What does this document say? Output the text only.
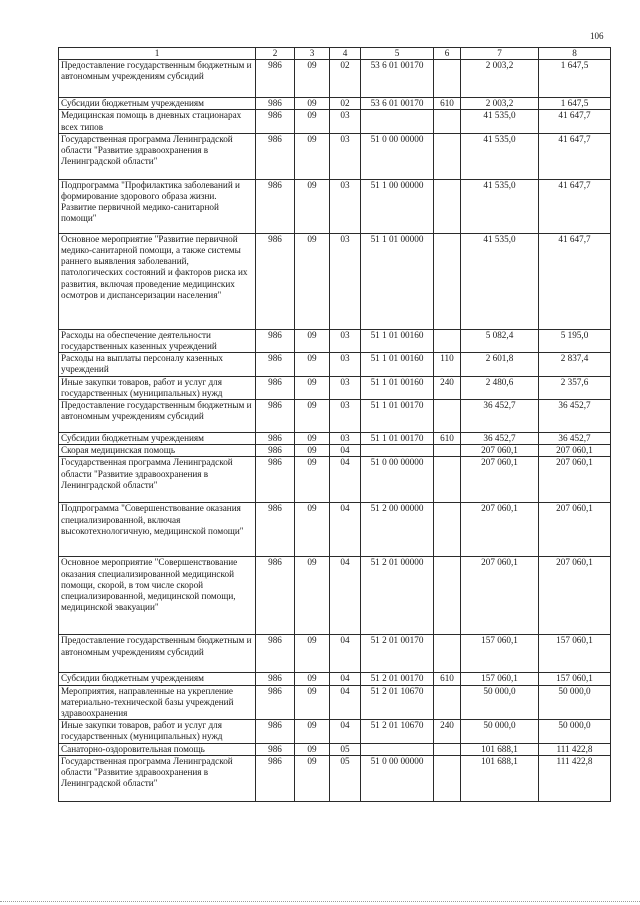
106
1	2	3	4	5	6	7	8
Предоставление государственным бюджетным и автономным учреждениям субсидий	986	09	02	53 6 01 00170		2 003,2	1 647,5
Субсидии бюджетным учреждениям	986	09	02	53 6 01 00170	610	2 003,2	1 647,5
Медицинская помощь в дневных стационарах всех типов	986	09	03			41 535,0	41 647,7
Государственная программа Ленинградской области "Развитие здравоохранения в Ленинградской области"	986	09	03	51 0 00 00000		41 535,0	41 647,7
Подпрограмма "Профилактика заболеваний и формирование здорового образа жизни. Развитие первичной медико-санитарной помощи"	986	09	03	51 1 00 00000		41 535,0	41 647,7
Основное мероприятие "Развитие первичной медико-санитарной помощи, а также системы раннего выявления заболеваний, патологических состояний и факторов риска их развития, включая проведение медицинских осмотров и диспансеризации населения"	986	09	03	51 1 01 00000		41 535,0	41 647,7
Расходы на обеспечение деятельности государственных казенных учреждений	986	09	03	51 1 01 00160		5 082,4	5 195,0
Расходы на выплаты персоналу казенных учреждений	986	09	03	51 1 01 00160	110	2 601,8	2 837,4
Иные закупки товаров, работ и услуг для государственных (муниципальных) нужд	986	09	03	51 1 01 00160	240	2 480,6	2 357,6
Предоставление государственным бюджетным и автономным учреждениям субсидий	986	09	03	51 1 01 00170		36 452,7	36 452,7
Субсидии бюджетным учреждениям	986	09	03	51 1 01 00170	610	36 452,7	36 452,7
Скорая медицинская помощь	986	09	04			207 060,1	207 060,1
Государственная программа Ленинградской области "Развитие здравоохранения в Ленинградской области"	986	09	04	51 0 00 00000		207 060,1	207 060,1
Подпрограмма "Совершенствование оказания специализированной, включая высокотехнологичную, медицинской помощи"	986	09	04	51 2 00 00000		207 060,1	207 060,1
Основное мероприятие "Совершенствование оказания специализированной медицинской помощи, скорой, в том числе скорой специализированной, медицинской помощи, медицинской эвакуации"	986	09	04	51 2 01 00000		207 060,1	207 060,1
Предоставление государственным бюджетным и автономным учреждениям субсидий	986	09	04	51 2 01 00170		157 060,1	157 060,1
Субсидии бюджетным учреждениям	986	09	04	51 2 01 00170	610	157 060,1	157 060,1
Мероприятия, направленные на укрепление материально-технической базы учреждений здравоохранения	986	09	04	51 2 01 10670		50 000,0	50 000,0
Иные закупки товаров, работ и услуг для государственных (муниципальных) нужд	986	09	04	51 2 01 10670	240	50 000,0	50 000,0
Санаторно-оздоровительная помощь	986	09	05			101 688,1	111 422,8
Государственная программа Ленинградской области "Развитие здравоохранения в Ленинградской области"	986	09	05	51 0 00 00000		101 688,1	111 422,8
